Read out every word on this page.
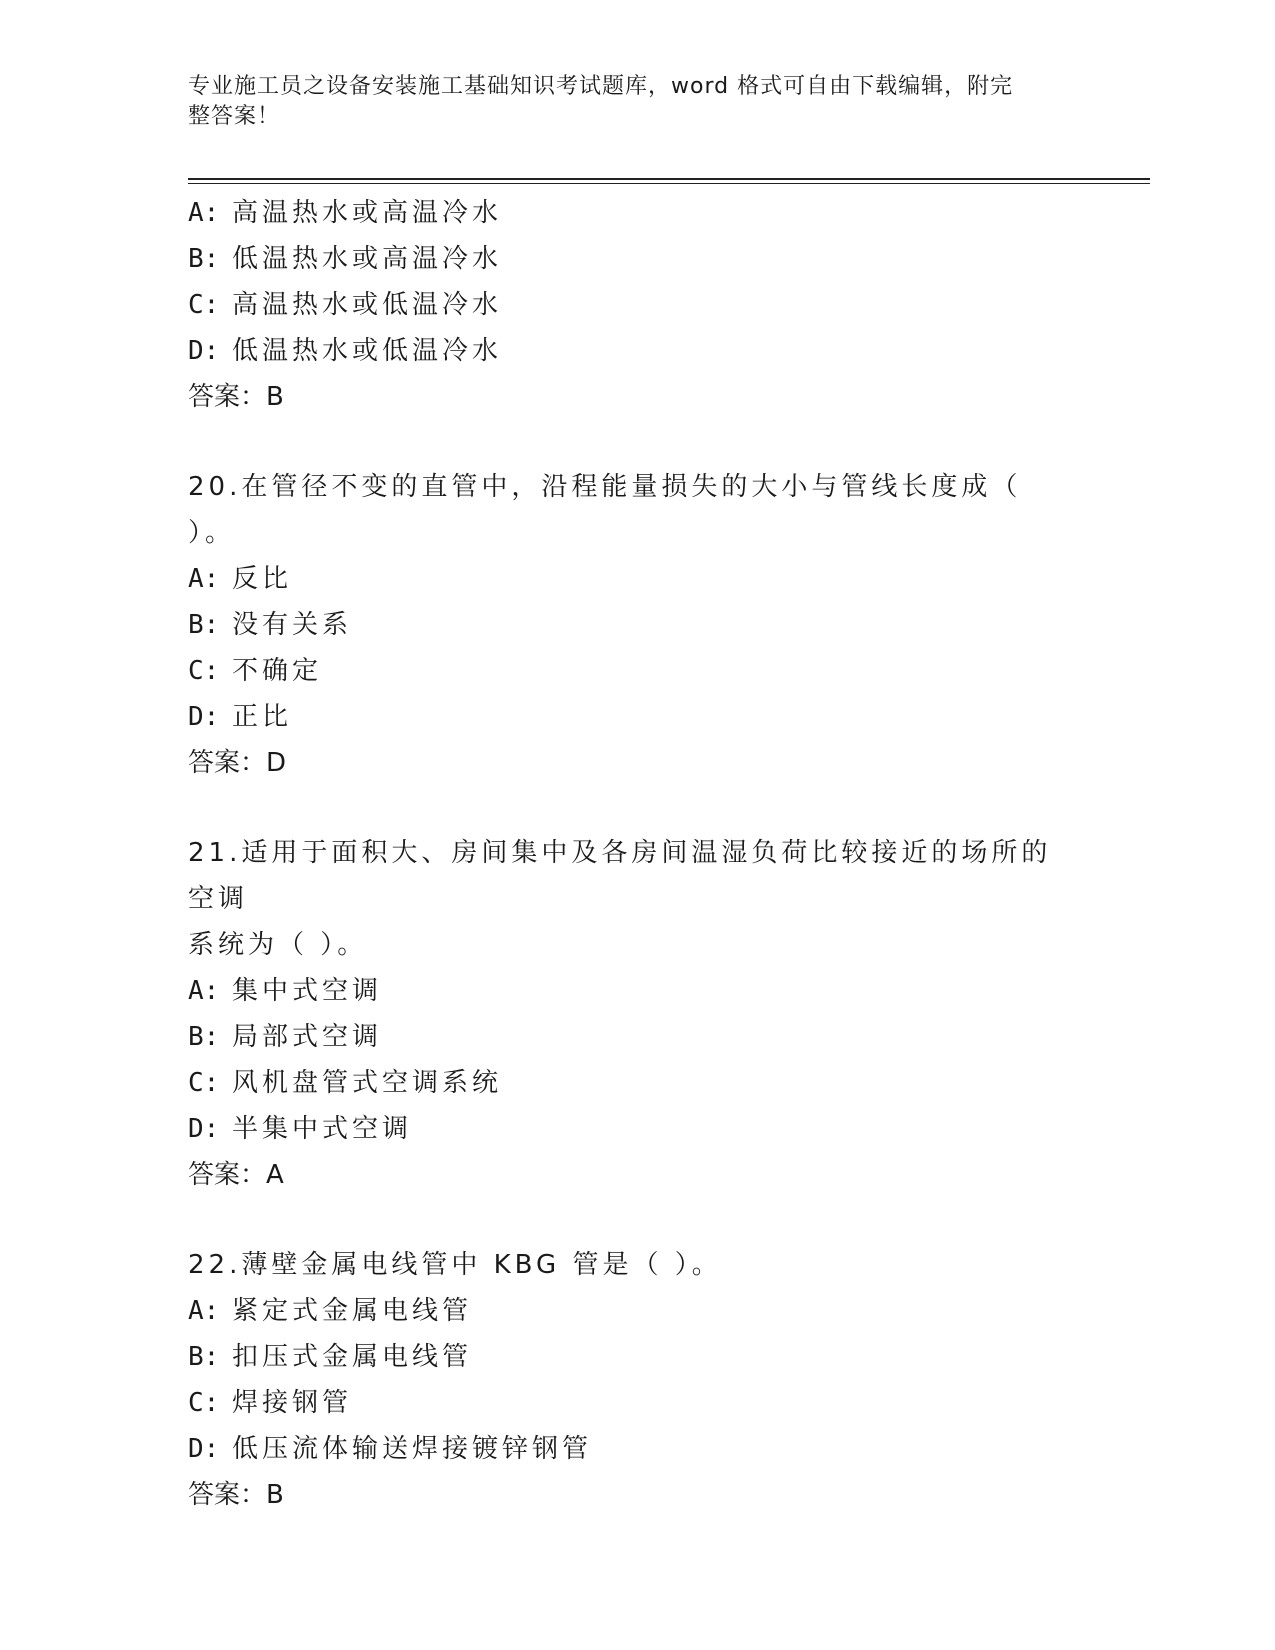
专业施工员之设备安装施工基础知识考试题库，word 格式可自由下载编辑，附完
整答案！
A: 高温热水或高温冷水
B: 低温热水或高温冷水
C: 高温热水或低温冷水
D: 低温热水或低温冷水
答案：B
20.在管径不变的直管中，沿程能量损失的大小与管线长度成（ ）。
A: 反比
B: 没有关系
C: 不确定
D: 正比
答案：D
21.适用于面积大、房间集中及各房间温湿负荷比较接近的场所的空调
系统为（ ）。
A: 集中式空调
B: 局部式空调
C: 风机盘管式空调系统
D: 半集中式空调
答案：A
22.薄壁金属电线管中 KBG 管是（ ）。
A: 紧定式金属电线管
B: 扣压式金属电线管
C: 焊接钢管
D: 低压流体输送焊接镀锌钢管
答案：B
